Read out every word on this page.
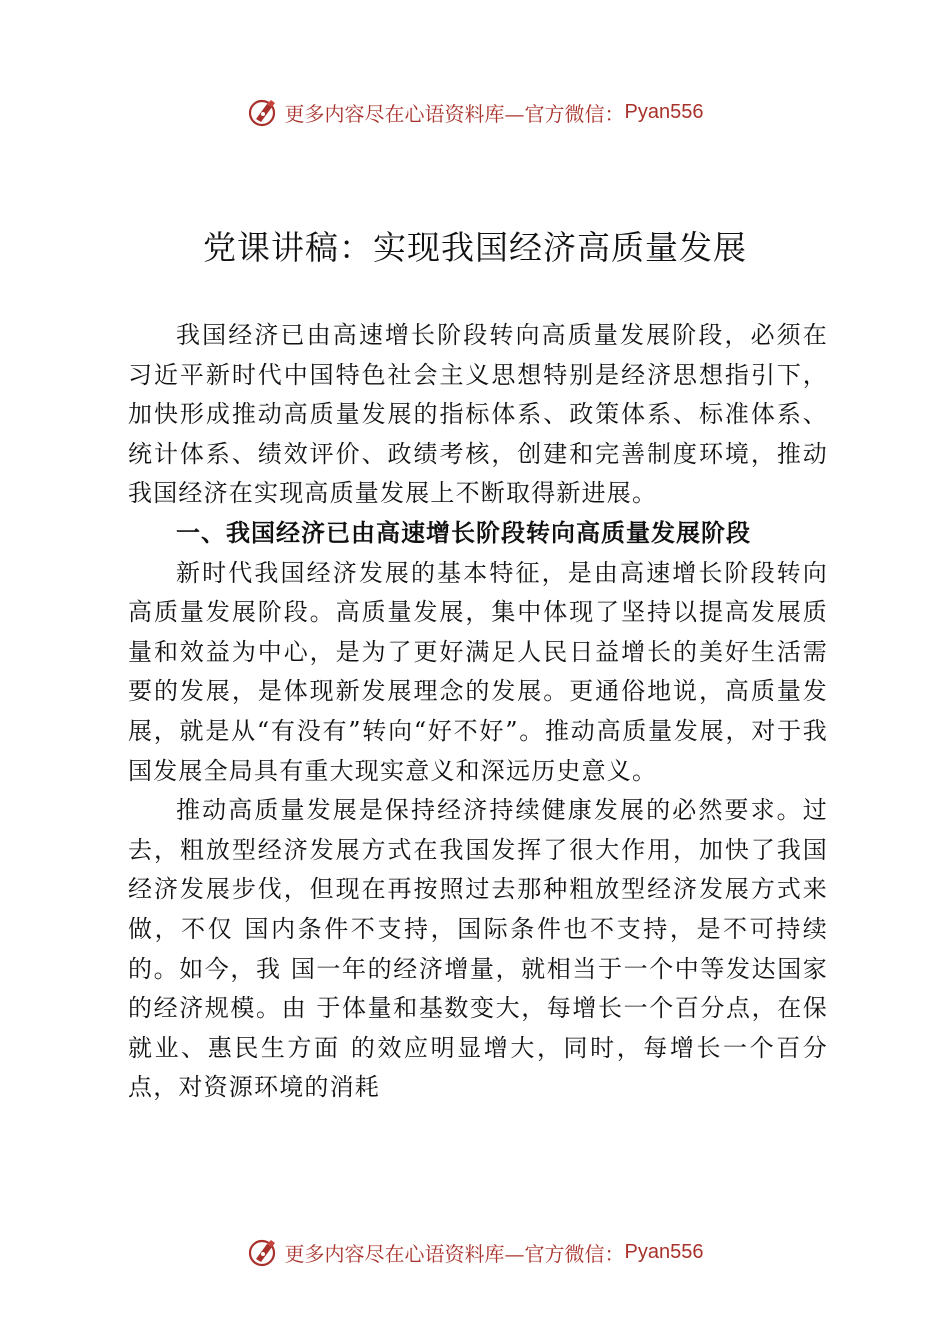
更多内容尽在心语资料库—官方微信： Pyan556
党课讲稿：实现我国经济高质量发展

我国经济已由高速增长阶段转向高质量发展阶段，必须在习近平新时代中国特色社会主义思想特别是经济思想指引下，加快形成推动高质量发展的指标体系、政策体系、标准体系、统计体系、绩效评价、政绩考核，创建和完善制度环境，推动我国经济在实现高质量发展上不断取得新进展。

一、我国经济已由高速增长阶段转向高质量发展阶段

新时代我国经济发展的基本特征，是由高速增长阶段转向高质量发展阶段。高质量发展，集中体现了坚持以提高发展质量和效益为中心，是为了更好满足人民日益增长的美好生活需要的发展，是体现新发展理念的发展。更通俗地说，高质量发展，就是从“有没有”转向“好不好”。推动高质量发展，对于我国发展全局具有重大现实意义和深远历史意义。

推动高质量发展是保持经济持续健康发展的必然要求。过去，粗放型经济发展方式在我国发挥了很大作用，加快了我国经济发展步伐，但现在再按照过去那种粗放型经济发展方式来做，不仅 国内条件不支持，国际条件也不支持，是不可持续的。如今，我 国一年的经济增量，就相当于一个中等发达国家的经济规模。由 于体量和基数变大，每增长一个百分点，在保就业、惠民生方面 的效应明显增大，同时，每增长一个百分点，对资源环境的消耗

更多内容尽在心语资料库—官方微信： Pyan556
